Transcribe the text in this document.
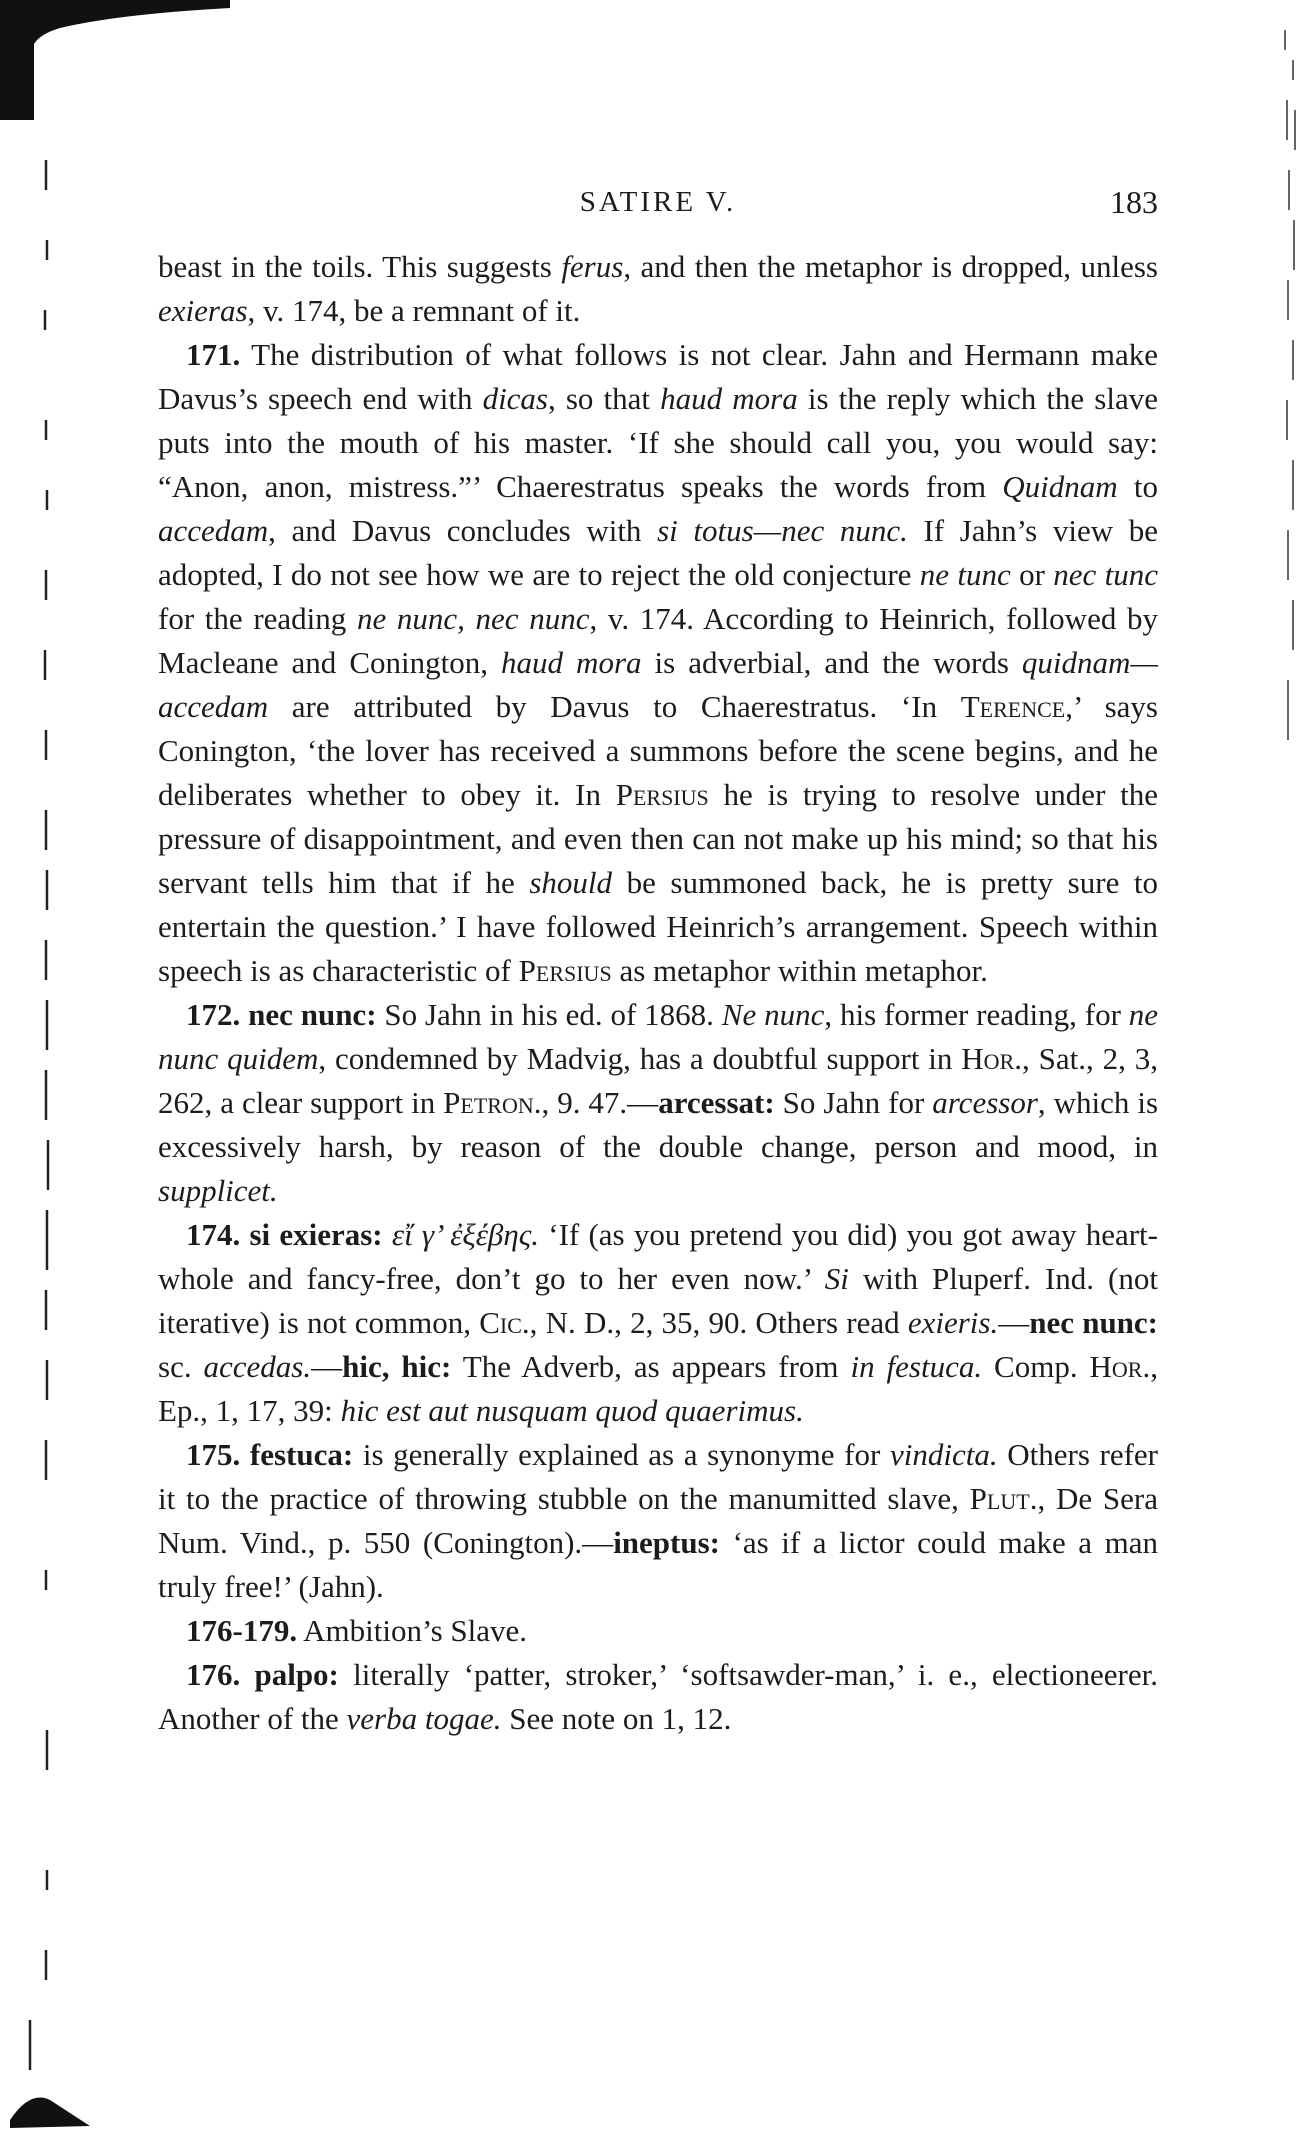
SATIRE V.	183

beast in the toils. This suggests ferus, and then the metaphor is dropped, unless exieras, v. 174, be a remnant of it.

171. The distribution of what follows is not clear. Jahn and Hermann make Davus’s speech end with dicas, so that haud mora is the reply which the slave puts into the mouth of his master. ‘If she should call you, you would say: “Anon, anon, mistress.”’ Chaerestratus speaks the words from Quidnam to accedam, and Davus concludes with si totus—nec nunc. If Jahn’s view be adopted, I do not see how we are to reject the old conjecture ne tunc or nec tunc for the reading ne nunc, nec nunc, v. 174. According to Heinrich, followed by Macleane and Conington, haud mora is adverbial, and the words quidnam—accedam are attributed by Davus to Chaerestratus. ‘In Terence,’ says Conington, ‘the lover has received a summons before the scene begins, and he deliberates whether to obey it. In Persius he is trying to resolve under the pressure of disappointment, and even then can not make up his mind; so that his servant tells him that if he should be summoned back, he is pretty sure to entertain the question.’ I have followed Heinrich’s arrangement. Speech within speech is as characteristic of Persius as metaphor within metaphor.

172. nec nunc: So Jahn in his ed. of 1868. Ne nunc, his former reading, for ne nunc quidem, condemned by Madvig, has a doubtful support in Hor., Sat., 2, 3, 262, a clear support in Petron., 9. 47.—arcessat: So Jahn for arcessor, which is excessively harsh, by reason of the double change, person and mood, in supplicet.

174. si exieras: εἴ γ’ ἐξέβης. ‘If (as you pretend you did) you got away heart-whole and fancy-free, don’t go to her even now.’ Si with Pluperf. Ind. (not iterative) is not common, Cic., N. D., 2, 35, 90. Others read exieris.—nec nunc: sc. accedas.—hic, hic: The Adverb, as appears from in festuca. Comp. Hor., Ep., 1, 17, 39: hic est aut nusquam quod quaerimus.

175. festuca: is generally explained as a synonyme for vindicta. Others refer it to the practice of throwing stubble on the manumitted slave, Plut., De Sera Num. Vind., p. 550 (Conington).—ineptus: ‘as if a lictor could make a man truly free!’ (Jahn).

176-179. Ambition’s Slave.

176. palpo: literally ‘patter, stroker,’ ‘softsawder-man,’ i. e., electioneerer. Another of the verba togae. See note on 1, 12.
